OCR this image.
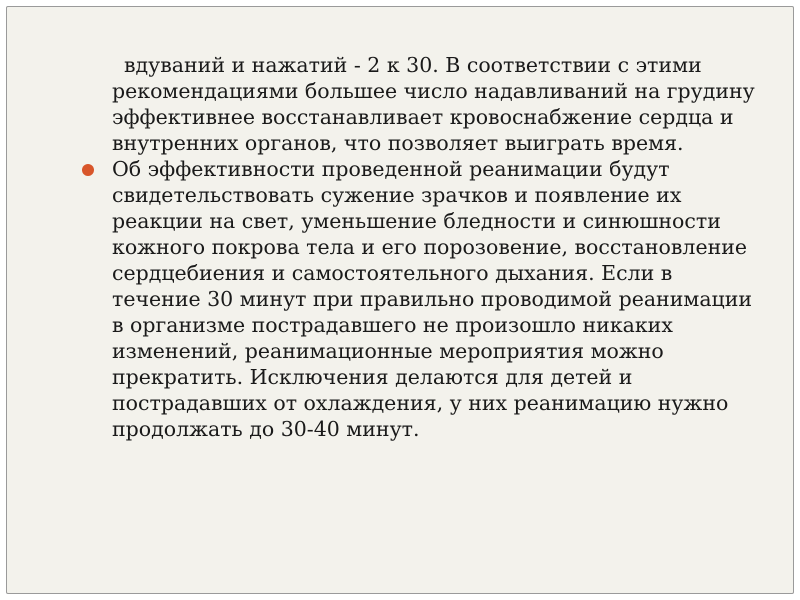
вдуваний и нажатий - 2 к 30. В соответствии с этими рекомендациями большее число надавливаний на грудину эффективнее восстанавливает кровоснабжение сердца и внутренних органов, что позволяет выиграть время.

Об эффективности проведенной реанимации будут свидетельствовать сужение зрачков и появление их реакции на свет, уменьшение бледности и синюшности кожного покрова тела и его порозовение, восстановление сердцебиения и самостоятельного дыхания. Если в течение 30 минут при правильно проводимой реанимации в организме пострадавшего не произошло никаких изменений, реанимационные мероприятия можно прекратить. Исключения делаются для детей и пострадавших от охлаждения, у них реанимацию нужно продолжать до 30-40 минут.
